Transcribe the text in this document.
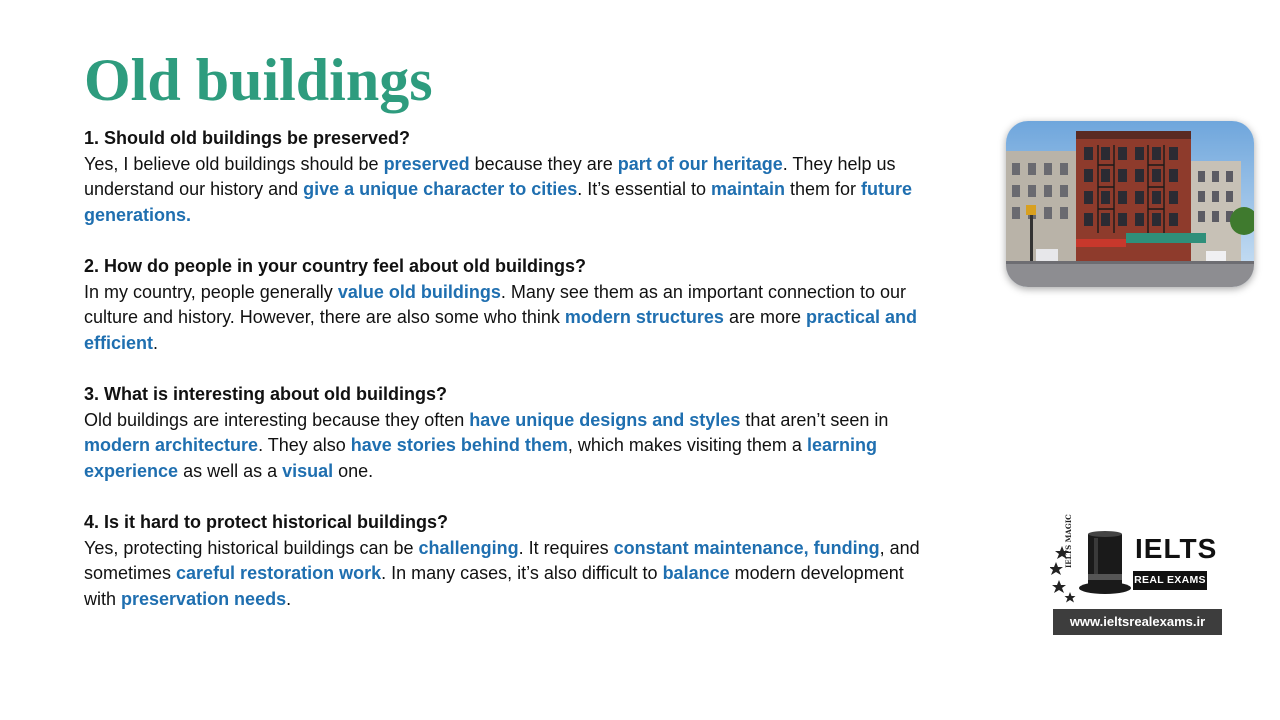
Old buildings
1. Should old buildings be preserved?
Yes, I believe old buildings should be preserved because they are part of our heritage. They help us understand our history and give a unique character to cities. It’s essential to maintain them for future generations.
2. How do people in your country feel about old buildings?
In my country, people generally value old buildings. Many see them as an important connection to our culture and history. However, there are also some who think modern structures are more practical and efficient.
3. What is interesting about old buildings?
Old buildings are interesting because they often have unique designs and styles that aren’t seen in modern architecture. They also have stories behind them, which makes visiting them a learning experience as well as a visual one.
4. Is it hard to protect historical buildings?
Yes, protecting historical buildings can be challenging. It requires constant maintenance, funding, and sometimes careful restoration work. In many cases, it’s also difficult to balance modern development with preservation needs.
IELTS
REAL EXAMS
IELTS MAGIC
www.ieltsrealexams.ir
